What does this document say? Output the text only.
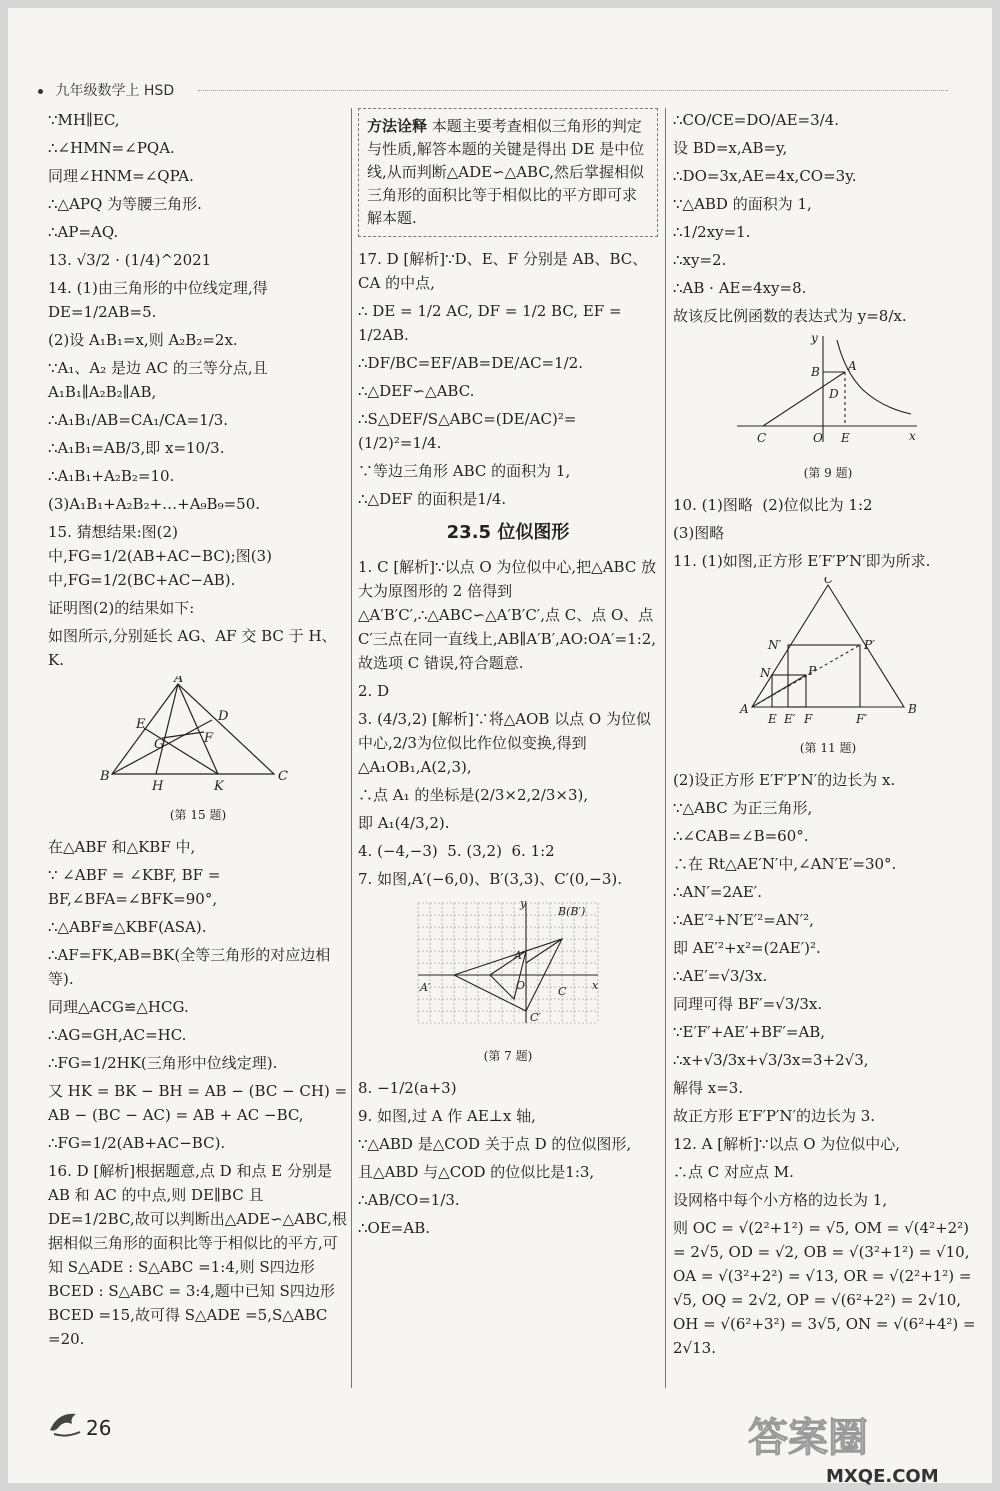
九年级数学上 HSD

∵MH∥EC,

∴∠HMN=∠PQA.

同理∠HNM=∠QPA.

∴△APQ 为等腰三角形.

∴AP=AQ.

13. √3/2 · (1/4)^2021

14. (1)由三角形的中位线定理,得 DE=1/2AB=5.

(2)设 A₁B₁=x,则 A₂B₂=2x.

∵A₁、A₂ 是边 AC 的三等分点,且A₁B₁∥A₂B₂∥AB,

∴A₁B₁/AB=CA₁/CA=1/3.

∴A₁B₁=AB/3,即 x=10/3.

∴A₁B₁+A₂B₂=10.

(3)A₁B₁+A₂B₂+…+A₉B₉=50.

15. 猜想结果:图(2)中,FG=1/2(AB+AC−BC);图(3)中,FG=1/2(BC+AC−AB).

证明图(2)的结果如下:

如图所示,分别延长 AG、AF 交 BC 于 H、K.

A
D
E
G	F
B
H	K
C
(第 15 题)

在△ABF 和△KBF 中,

∵ ∠ABF = ∠KBF, BF = BF,∠BFA=∠BFK=90°,

∴△ABF≌△KBF(ASA).

∴AF=FK,AB=BK(全等三角形的对应边相等).

同理△ACG≌△HCG.

∴AG=GH,AC=HC.

∴FG=1/2HK(三角形中位线定理).

又 HK = BK − BH = AB − (BC − CH) = AB − (BC − AC) = AB + AC −BC,

∴FG=1/2(AB+AC−BC).

16. D [解析]根据题意,点 D 和点 E 分别是 AB 和 AC 的中点,则 DE∥BC 且 DE=1/2BC,故可以判断出△ADE∽△ABC,根据相似三角形的面积比等于相似比的平方,可知 S△ADE : S△ABC =1:4,则 S四边形BCED : S△ABC = 3:4,题中已知 S四边形BCED =15,故可得 S△ADE =5,S△ABC =20.

方法诠释 本题主要考查相似三角形的判定与性质,解答本题的关键是得出 DE 是中位线,从而判断△ADE∽△ABC,然后掌握相似三角形的面积比等于相似比的平方即可求解本题.

17. D [解析]∵D、E、F 分别是 AB、BC、CA 的中点,

∴ DE = 1/2 AC, DF = 1/2 BC, EF = 1/2AB.

∴DF/BC=EF/AB=DE/AC=1/2.

∴△DEF∽△ABC.

∴S△DEF/S△ABC=(DE/AC)²=(1/2)²=1/4.

∵等边三角形 ABC 的面积为 1,

∴△DEF 的面积是1/4.

23.5 位似图形

1. C [解析]∵以点 O 为位似中心,把△ABC 放大为原图形的 2 倍得到△A′B′C′,∴△ABC∽△A′B′C′,点 C、点 O、点 C′三点在同一直线上,AB∥A′B′,AO:OA′=1:2,故选项 C 错误,符合题意.

2. D

3. (4/3,2) [解析]∵将△AOB 以点 O 为位似中心,2/3为位似比作位似变换,得到△A₁OB₁,A(2,3),

∴点 A₁ 的坐标是(2/3×2,2/3×3),

即 A₁(4/3,2).

4. (−4,−3)  5. (3,2)  6. 1:2

7. 如图,A′(−6,0)、B′(3,3)、C′(0,−3).

y
B(B′)
A
C
A′	O	x
C′
(第 7 题)

8. −1/2(a+3)

9. 如图,过 A 作 AE⊥x 轴,

∵△ABD 是△COD 关于点 D 的位似图形,

且△ABD 与△COD 的位似比是1:3,

∴AB/CO=1/3.

∴OE=AB.

∴CO/CE=DO/AE=3/4.

设 BD=x,AB=y,

∴DO=3x,AE=4x,CO=3y.

∵△ABD 的面积为 1,

∴1/2xy=1.

∴xy=2.

∴AB · AE=4xy=8.

故该反比例函数的表达式为 y=8/x.

y
B A
D
C	O E	x
(第 9 题)

10. (1)图略  (2)位似比为 1:2

(3)图略

11. (1)如图,正方形 E′F′P′N′即为所求.

C
N′	P′
N	P
A
E E′ F	F′
B
(第 11 题)

(2)设正方形 E′F′P′N′的边长为 x.

∵△ABC 为正三角形,

∴∠CAB=∠B=60°.

∴在 Rt△AE′N′中,∠AN′E′=30°.

∴AN′=2AE′.

∴AE′²+N′E′²=AN′²,

即 AE′²+x²=(2AE′)².

∴AE′=√3/3x.

同理可得 BF′=√3/3x.

∵E′F′+AE′+BF′=AB,

∴x+√3/3x+√3/3x=3+2√3,

解得 x=3.

故正方形 E′F′P′N′的边长为 3.

12. A [解析]∵以点 O 为位似中心,

∴点 C 对应点 M.

设网格中每个小方格的边长为 1,

则 OC = √(2²+1²) = √5, OM = √(4²+2²) = 2√5, OD = √2, OB = √(3²+1²) = √10, OA = √(3²+2²) = √13, OR = √(2²+1²) = √5, OQ = 2√2, OP = √(6²+2²) = 2√10, OH = √(6²+3²) = 3√5, ON = √(6²+4²) = 2√13.

26	答案圈
MXQE.COM
